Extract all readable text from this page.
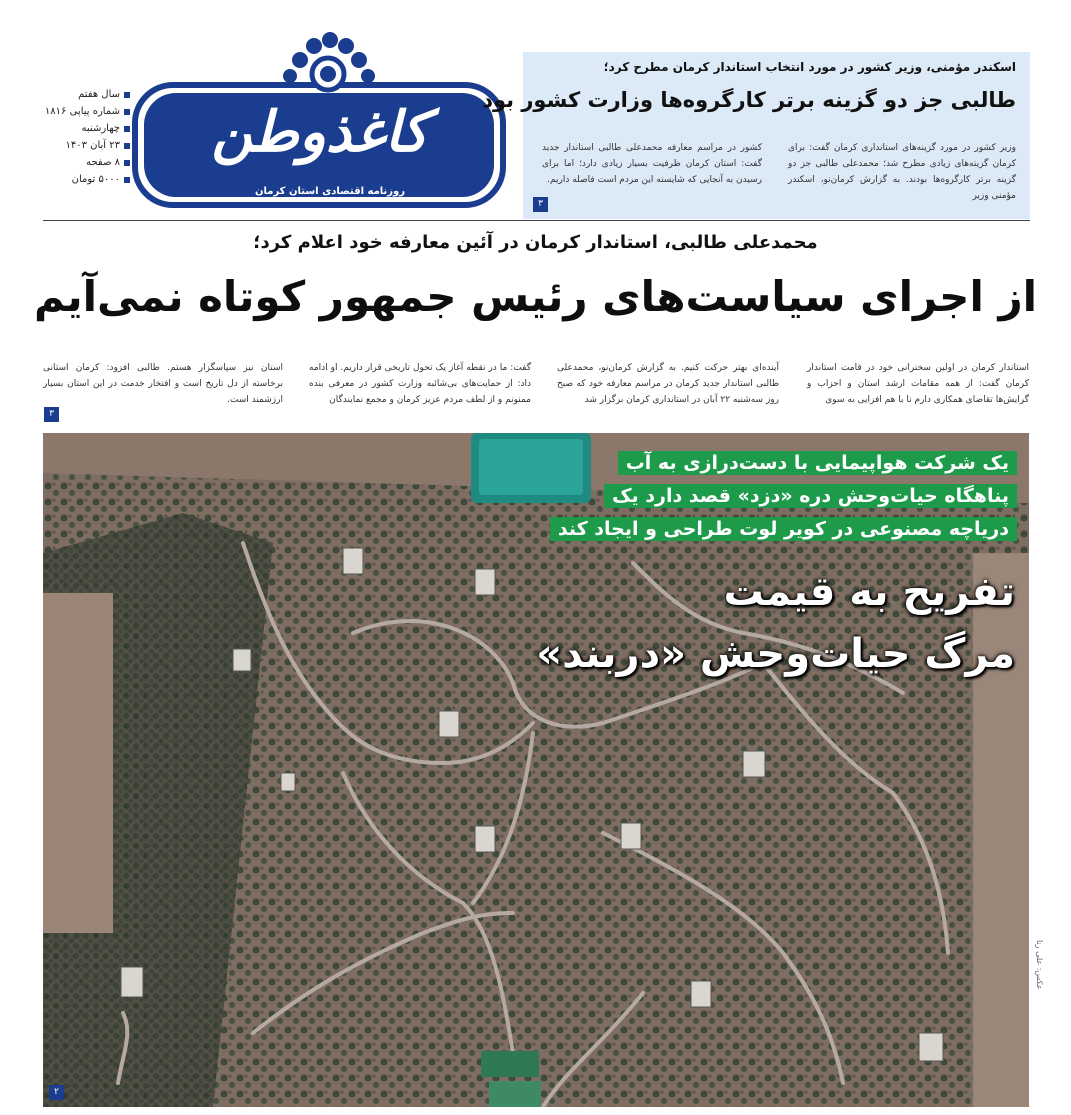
کاغذوطن
روزنامه اقتصادی استان کرمان
سال هفتم
شماره پیاپی ۱۸۱۶
چهارشنبه
۲۳ آبان ۱۴۰۳
۸ صفحه
۵۰۰۰ تومان
اسکندر مؤمنی، وزیر کشور در مورد انتخاب استاندار کرمان مطرح کرد؛
طالبی جز دو گزینه برتر کارگروه‌ها وزارت کشور بود
وزیر کشور در مورد گزینه‌های استانداری کرمان گفت: برای کرمان گزینه‌های زیادی مطرح شد؛ محمدعلی طالبی جز دو گزینه برتر کارگروه‌ها بودند. به گزارش کرمان‌نو، اسکندر مؤمنی وزیر
کشور در مراسم معارفه محمدعلی طالبی استاندار جدید گفت: استان کرمان ظرفیت بسیار زیادی دارد؛ اما برای رسیدن به آنجایی که شایسته این مردم است فاصله داریم.
۳
محمدعلی طالبی، استاندار کرمان در آئین معارفه خود اعلام کرد؛
از اجرای سیاست‌های رئیس جمهور کوتاه نمی‌آیم
استاندار کرمان در اولین سخنرانی خود در قامت استاندار کرمان گفت: از همه مقامات ارشد استان و احزاب و گرایش‌ها تقاضای همکاری دارم تا با هم افزایی به سوی
آینده‌ای بهتر حرکت کنیم. به گزارش کرمان‌نو، محمدعلی طالبی استاندار جدید کرمان در مراسم معارفه خود که صبح روز سه‌شنبه ۲۲ آبان در استانداری کرمان برگزار شد
گفت: ما در نقطه آغاز یک تحول تاریخی قرار داریم. او ادامه داد: از حمایت‌های بی‌شائبه وزارت کشور در معرفی بنده ممنونم و از لطف مردم عزیز کرمان و مجمع نمایندگان
استان نیز سپاسگزار هستم. طالبی افزود: کرمان استانی برخاسته از دل تاریخ است و افتخار خدمت در این استان بسیار ارزشمند است.
۳
یک شرکت هواپیمایی با دست‌درازی به آب
پناهگاه حیات‌وحش دره «دزد» قصد دارد یک
دریاچه مصنوعی در کویر لوت طراحی و ایجاد کند
تفریح به قیمت
مرگ حیات‌وحش «دربند»
۲
عکس: علی رنا
